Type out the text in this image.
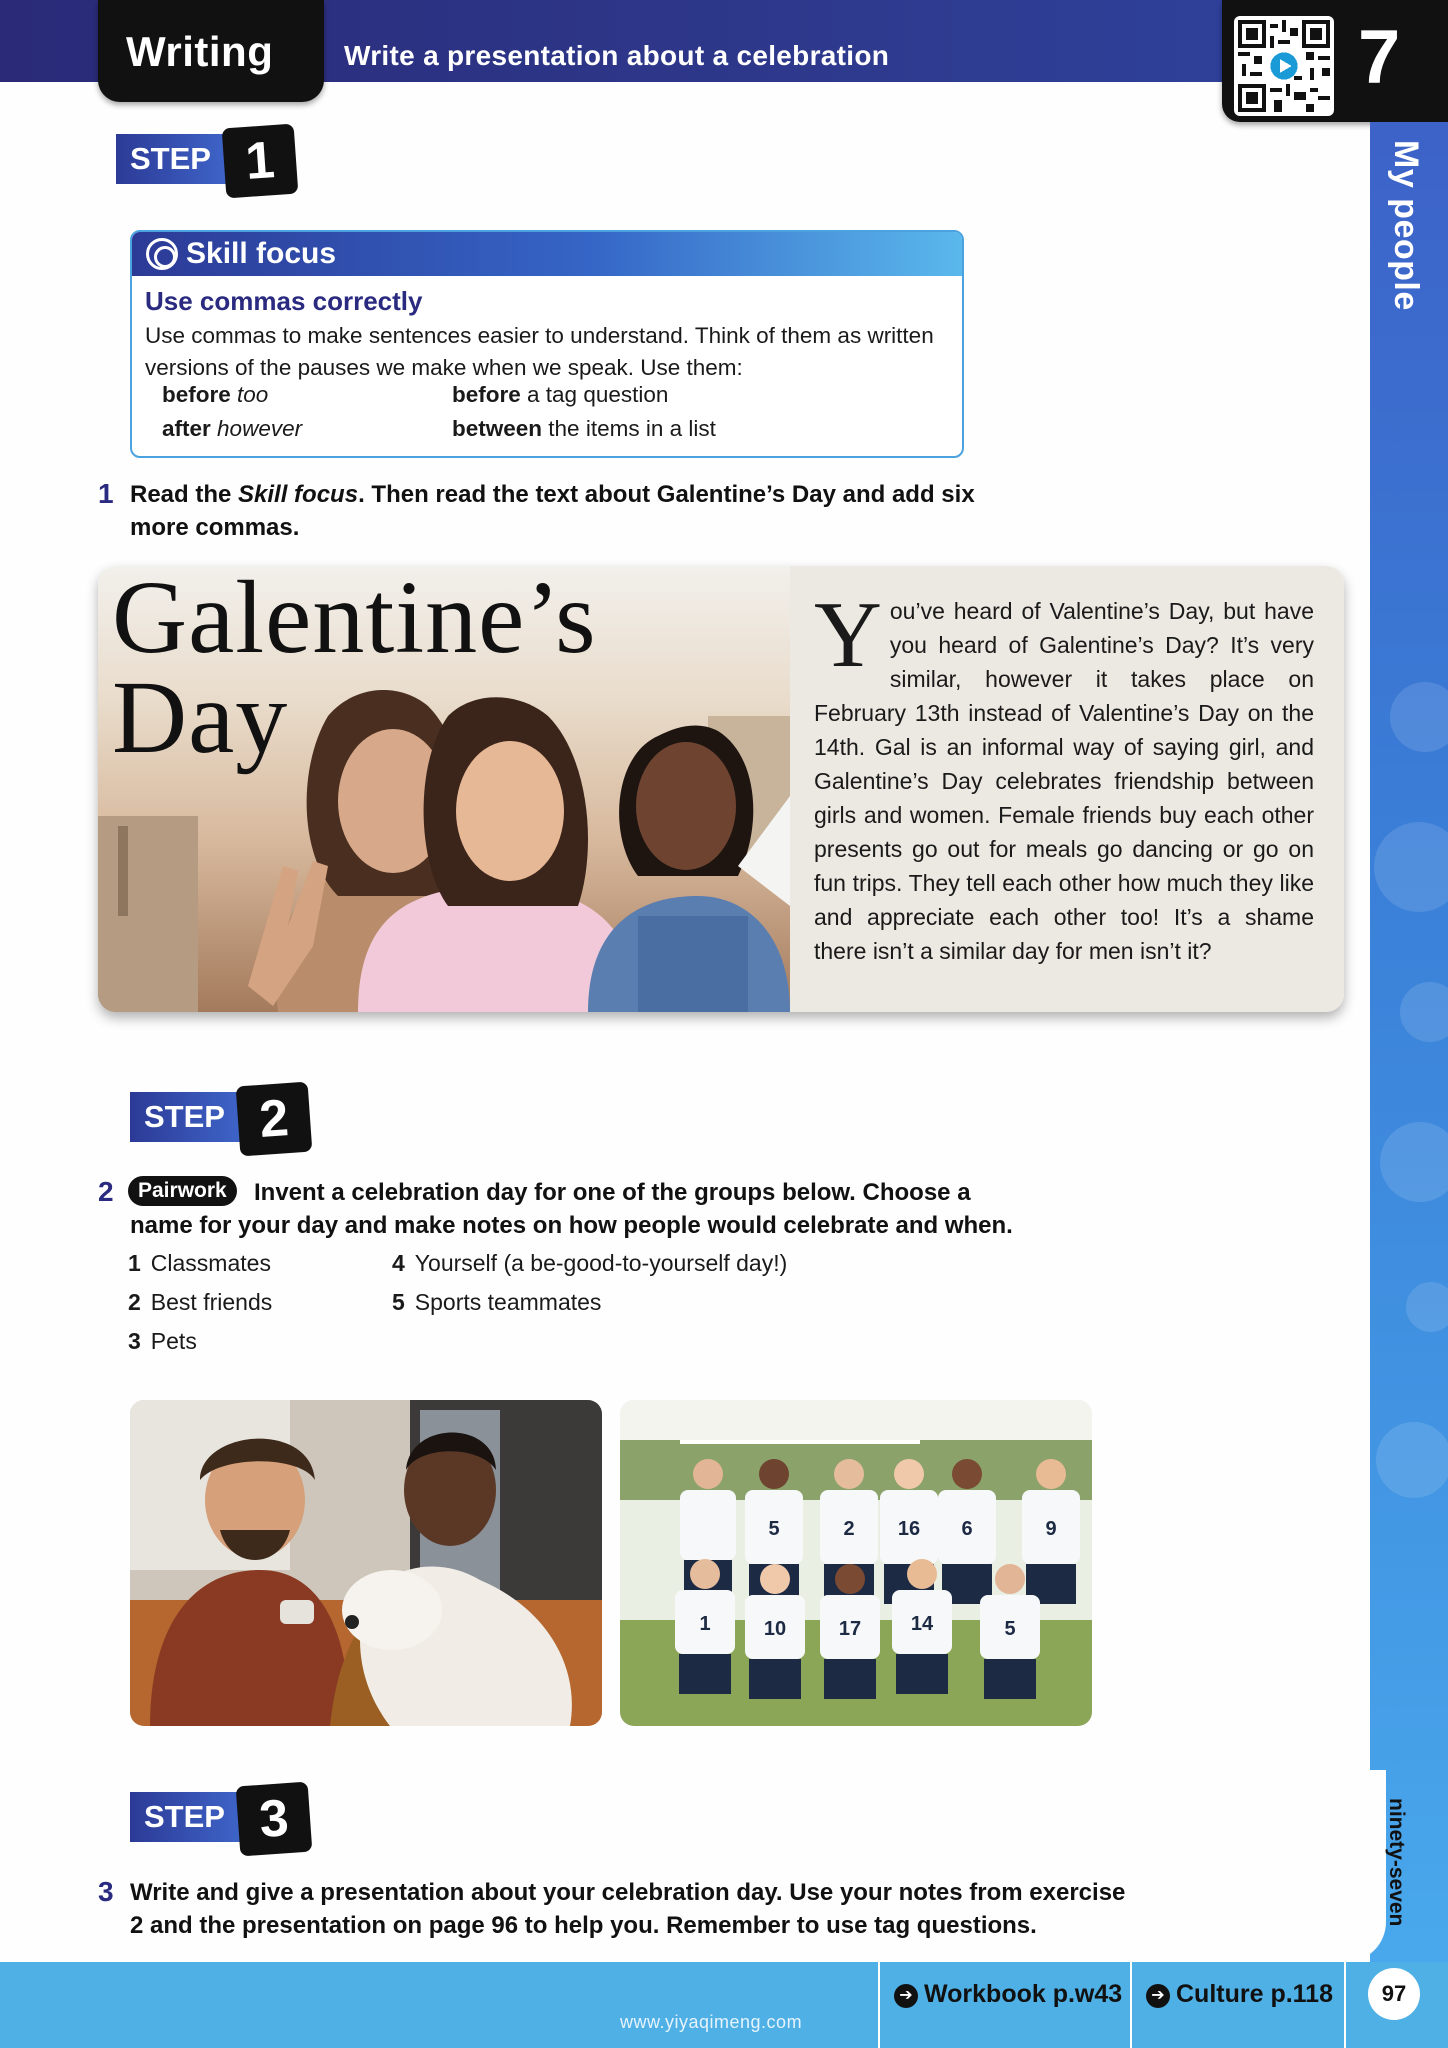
Writing	Write a presentation about a celebration	7
My people
ninety-seven
STEP 1
Skill focus
Use commas correctly
Use commas to make sentences easier to understand. Think of them as written versions of the pauses we make when we speak. Use them:
before too	before a tag question
after however	between the items in a list
1 Read the Skill focus. Then read the text about Galentine’s Day and add six more commas.
Galentine’s
Day
You’ve heard of Valentine’s Day, but have you heard of Galentine’s Day? It’s very similar, however it takes place on February 13th instead of Valentine’s Day on the 14th. Gal is an informal way of saying girl, and Galentine’s Day celebrates friendship between girls and women. Female friends buy each other presents go out for meals go dancing or go on fun trips. They tell each other how much they like and appreciate each other too! It’s a shame there isn’t a similar day for men isn’t it?
STEP 2
2	Pairwork	Invent a celebration day for one of the groups below. Choose a
name for your day and make notes on how people would celebrate and when.
1 Classmates
2 Best friends
3 Pets
4 Yourself (a be-good-to-yourself day!)
5 Sports teammates
5	2 16 6	9
1	10	17 14	5
STEP 3
3 Write and give a presentation about your celebration day. Use your notes from exercise
2 and the presentation on page 96 to help you. Remember to use tag questions.
www.yiyaqimeng.com
➔ Workbook p.w43	➔ Culture p.118	97
